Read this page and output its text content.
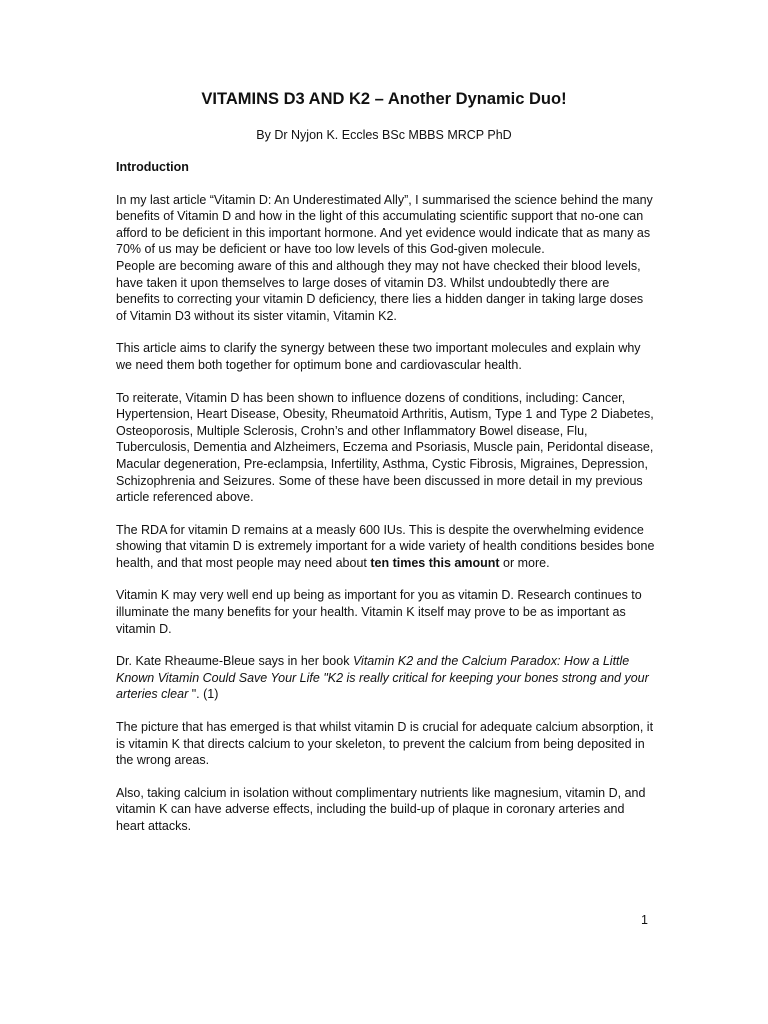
VITAMINS D3 AND K2 – Another Dynamic Duo!
By Dr Nyjon K. Eccles BSc MBBS MRCP PhD

Introduction

In my last article “Vitamin D: An Underestimated Ally”, I summarised the science behind the many benefits of Vitamin D and how in the light of this accumulating scientific support that no-one can afford to be deficient in this important hormone. And yet evidence would indicate that as many as 70% of us may be deficient or have too low levels of this God-given molecule.

People are becoming aware of this and although they may not have checked their blood levels, have taken it upon themselves to large doses of vitamin D3. Whilst undoubtedly there are benefits to correcting your vitamin D deficiency, there lies a hidden danger in taking large doses of Vitamin D3 without its sister vitamin, Vitamin K2.

This article aims to clarify the synergy between these two important molecules and explain why we need them both together for optimum bone and cardiovascular health.

To reiterate, Vitamin D has been shown to influence dozens of conditions, including: Cancer, Hypertension, Heart Disease, Obesity, Rheumatoid Arthritis, Autism, Type 1 and Type 2 Diabetes, Osteoporosis, Multiple Sclerosis, Crohn’s and other Inflammatory Bowel disease, Flu, Tuberculosis, Dementia and Alzheimers, Eczema and Psoriasis, Muscle pain, Peridontal disease, Macular degeneration, Pre-eclampsia, Infertility, Asthma, Cystic Fibrosis, Migraines, Depression, Schizophrenia and Seizures. Some of these have been discussed in more detail in my previous article referenced above.

The RDA for vitamin D remains at a measly 600 IUs. This is despite the overwhelming evidence showing that vitamin D is extremely important for a wide variety of health conditions besides bone health, and that most people may need about ten times this amount or more.

Vitamin K may very well end up being as important for you as vitamin D. Research continues to illuminate the many benefits for your health. Vitamin K itself may prove to be as important as vitamin D.

Dr. Kate Rheaume-Bleue says in her book Vitamin K2 and the Calcium Paradox: How a Little Known Vitamin Could Save Your Life "K2 is really critical for keeping your bones strong and your arteries clear ". (1)

The picture that has emerged is that whilst vitamin D is crucial for adequate calcium absorption, it is vitamin K that directs calcium to your skeleton, to prevent the calcium from being deposited in the wrong areas.

Also, taking calcium in isolation without complimentary nutrients like magnesium, vitamin D, and vitamin K can have adverse effects, including the build-up of plaque in coronary arteries and heart attacks.

1
